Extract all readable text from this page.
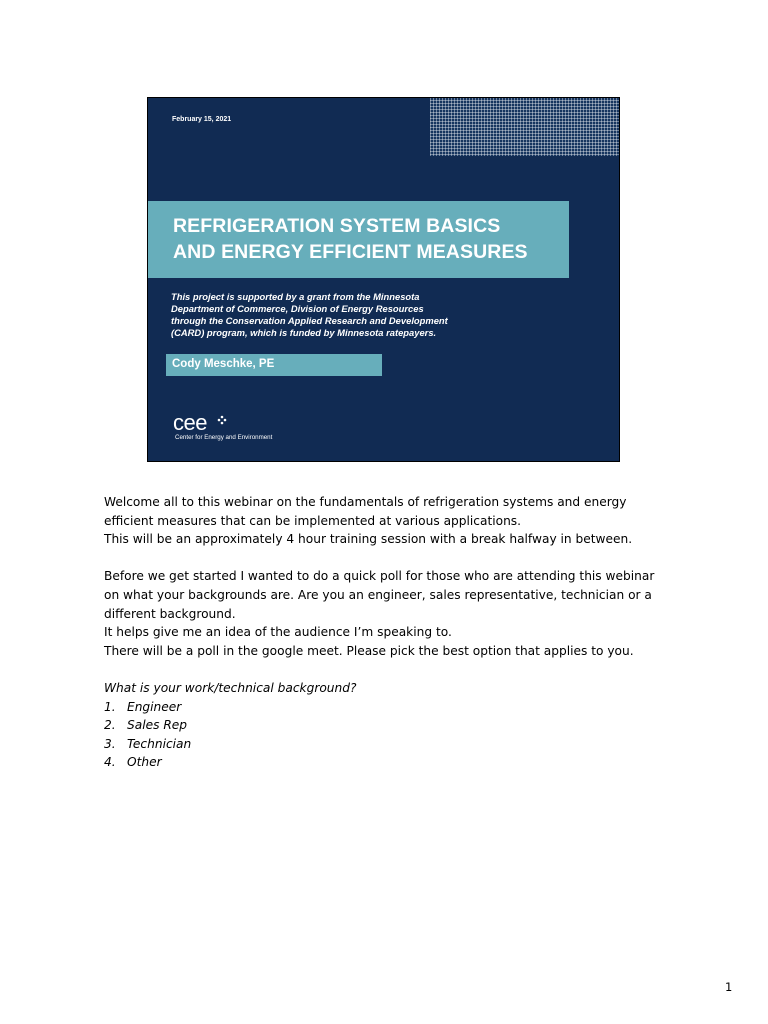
February 15, 2021
REFRIGERATION SYSTEM BASICS
AND ENERGY EFFICIENT MEASURES
This project is supported by a grant from the Minnesota
Department of Commerce, Division of Energy Resources
through the Conservation Applied Research and Development
(CARD) program, which is funded by Minnesota ratepayers.
Cody Meschke, PE
cee
Center for Energy and Environment
Welcome all to this webinar on the fundamentals of refrigeration systems and energy
efficient measures that can be implemented at various applications.
This will be an approximately 4 hour training session with a break halfway in between.
Before we get started I wanted to do a quick poll for those who are attending this webinar
on what your backgrounds are. Are you an engineer, sales representative, technician or a
different background.
It helps give me an idea of the audience I’m speaking to.
There will be a poll in the google meet. Please pick the best option that applies to you.
What is your work/technical background?
1. Engineer
2. Sales Rep
3. Technician
4. Other
1
